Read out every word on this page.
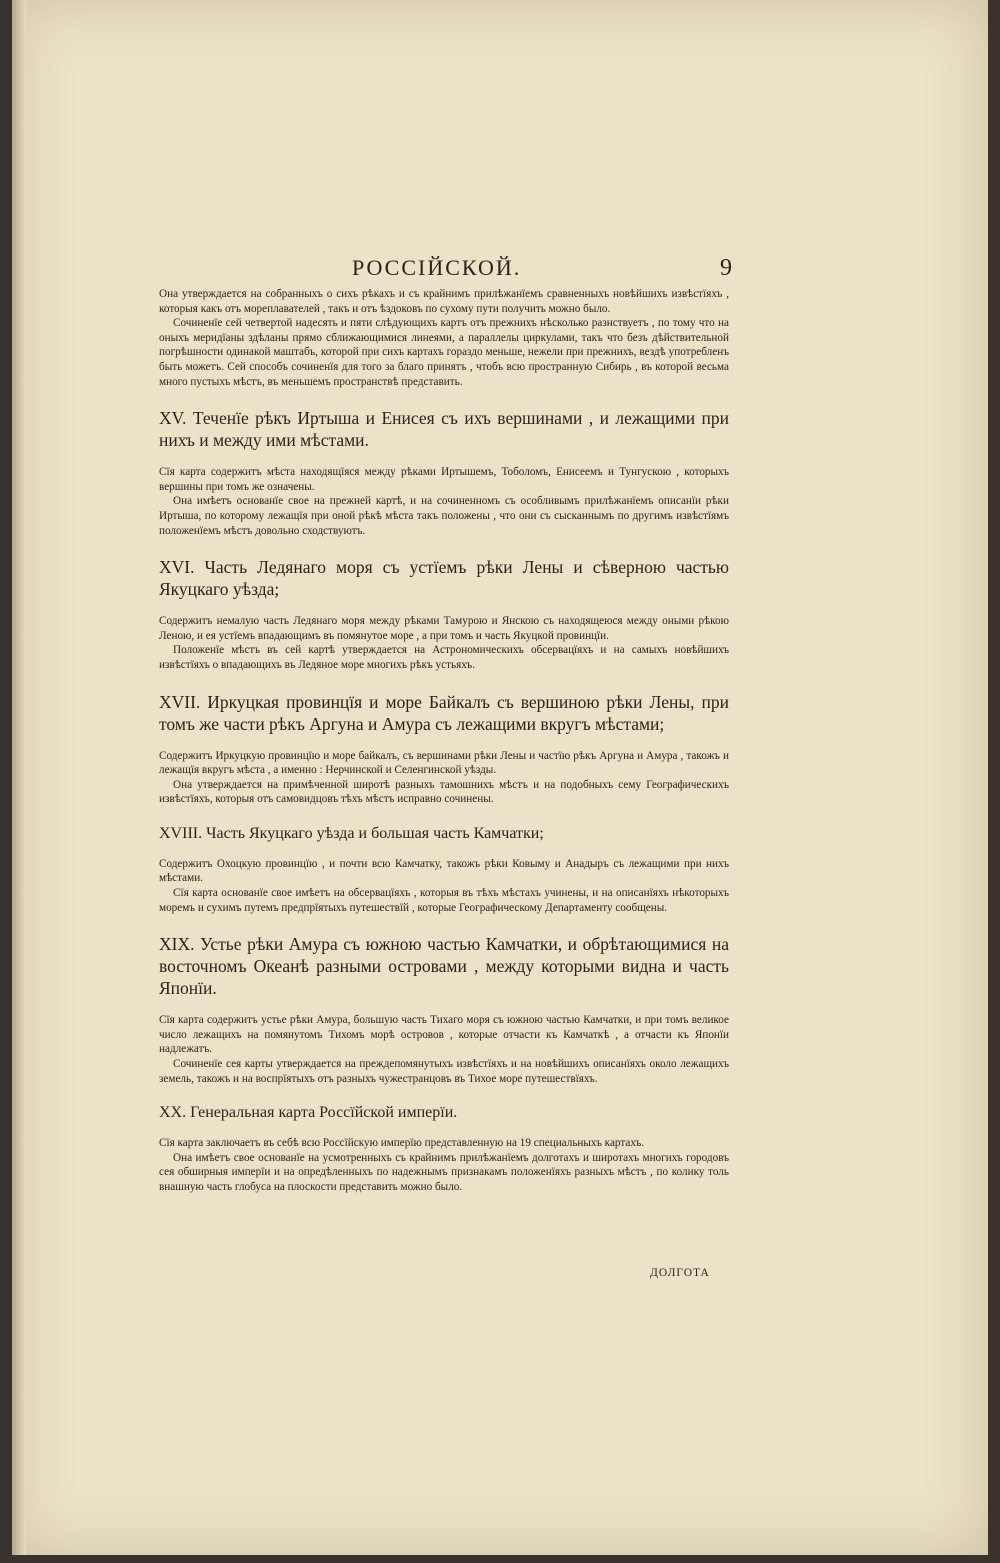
РОССІЙСКОЙ.	9

Она утверждается на собранныхъ о сихъ рѣкахъ и съ крайнимъ прилѣжанїемъ сравненныхъ новѣйшихъ извѣстїяхъ , которыя какъ отъ мореплавателей , такъ и отъ ѣздоковъ по сухому пути получить можно было.

Сочиненїе сей четвертой надесять и пяти слѣдующихъ картъ отъ прежнихъ нѣсколько разнствуетъ , по тому что на оныхъ меридїаны здѣланы прямо сближающимися линеями, а параллелы циркулами, такъ что безъ дѣйствительной погрѣшности одинакой маштабъ, которой при сихъ картахъ гораздо меньше, нежели при прежнихъ, вездѣ употребленъ быть можетъ. Сей способъ сочиненїя для того за благо принятъ , чтобъ всю пространную Сибирь , въ которой весьма много пустыхъ мѣстъ, въ меньшемъ пространствѣ представить.

XV. Теченїе рѣкъ Иртыша и Енисея съ ихъ вершинами , и лежащими при нихъ и между ими мѣстами.

Сїя карта содержитъ мѣста находящїяся между рѣками Иртышемъ, Тоболомъ, Енисеемъ и Тунгускою , которыхъ вершины при томъ же означены.

Она имѣетъ основанїе свое на прежней картѣ, и на сочиненномъ съ особливымъ прилѣжанїемъ описанїи рѣки Иртыша, по которому лежащїя при оной рѣкѣ мѣста такъ положены , что они съ сысканнымъ по другимъ извѣстїямъ положенїемъ мѣстъ довольно сходствуютъ.

XVI. Часть Ледянаго моря съ устїемъ рѣки Лены и сѣверною частью Якуцкаго уѣзда;

Содержитъ немалую часть Ледянаго моря между рѣками Тамурою и Янскою съ находящеюся между оными рѣкою Леною, и ея устїемъ впадающимъ въ помянутое море , а при томъ и часть Якуцкой провинцїи.

Положенїе мѣстъ въ сей картѣ утверждается на Астрономическихъ обсервацїяхъ и на самыхъ новѣйшихъ извѣстїяхъ о впадающихъ въ Ледяное море многихъ рѣкъ устьяхъ.

XVII. Иркуцкая провинцїя и море Байкалъ съ вершиною рѣки Лены, при томъ же части рѣкъ Аргуна и Амура съ лежащими вкругъ мѣстами;

Содержитъ Иркуцкую провинцїю и море байкалъ, съ вершинами рѣки Лены и частїю рѣкъ Аргуна и Амура , такожъ и лежащїя вкругъ мѣста , а именно : Нерчинской и Селенгинской уѣзды.

Она утверждается на примѣченной широтѣ разныхъ тамошнихъ мѣстъ и на подобныхъ сему Географическихъ извѣстїяхъ, которыя отъ самовидцовъ тѣхъ мѣстъ исправно сочинены.

XVIII. Часть Якуцкаго уѣзда и большая часть Камчатки;

Содержитъ Охоцкую провинцїю , и почти всю Камчатку, такожъ рѣки Ковыму и Анадыръ съ лежащими при нихъ мѣстами.

Сїя карта основанїе свое имѣетъ на обсервацїяхъ , которыя въ тѣхъ мѣстахъ учинены, и на описанїяхъ нѣкоторыхъ моремъ и сухимъ путемъ предпрїятыхъ путешествїй , которые Географическому Департаменту сообщены.

XIX. Устье рѣки Амура съ южною частью Камчатки, и обрѣтающимися на восточномъ Океанѣ разными островами , между которыми видна и часть Японїи.

Сїя карта содержитъ устье рѣки Амура, большую часть Тихаго моря съ южною частью Камчатки, и при томъ великое число лежащихъ на помянутомъ Тихомъ морѣ островов , которые отчасти къ Камчаткѣ , а отчасти къ Японїи надлежатъ.

Сочиненїе сея карты утверждается на преждепомянутыхъ извѣстїяхъ и на новѣйшихъ описанїяхъ около лежащихъ земель, такожъ и на воспрїятыхъ отъ разныхъ чужестранцовъ въ Тихое море путешествїяхъ.

XX. Генеральная карта Россїйской имперїи.

Сїя карта заключаетъ въ себѣ всю Россїйскую имперїю представленную на 19 специальныхъ картахъ.

Она имѣетъ свое основанїе на усмотренныхъ съ крайнимъ прилѣжанїемъ долготахъ и широтахъ многихъ городовъ сея обширныя имперїи и на опредѣленныхъ по надежнымъ признакамъ положенїяхъ разныхъ мѣстъ , по колику толь внашную часть глобуса на плоскости представить можно было.

ДОЛГОТА
